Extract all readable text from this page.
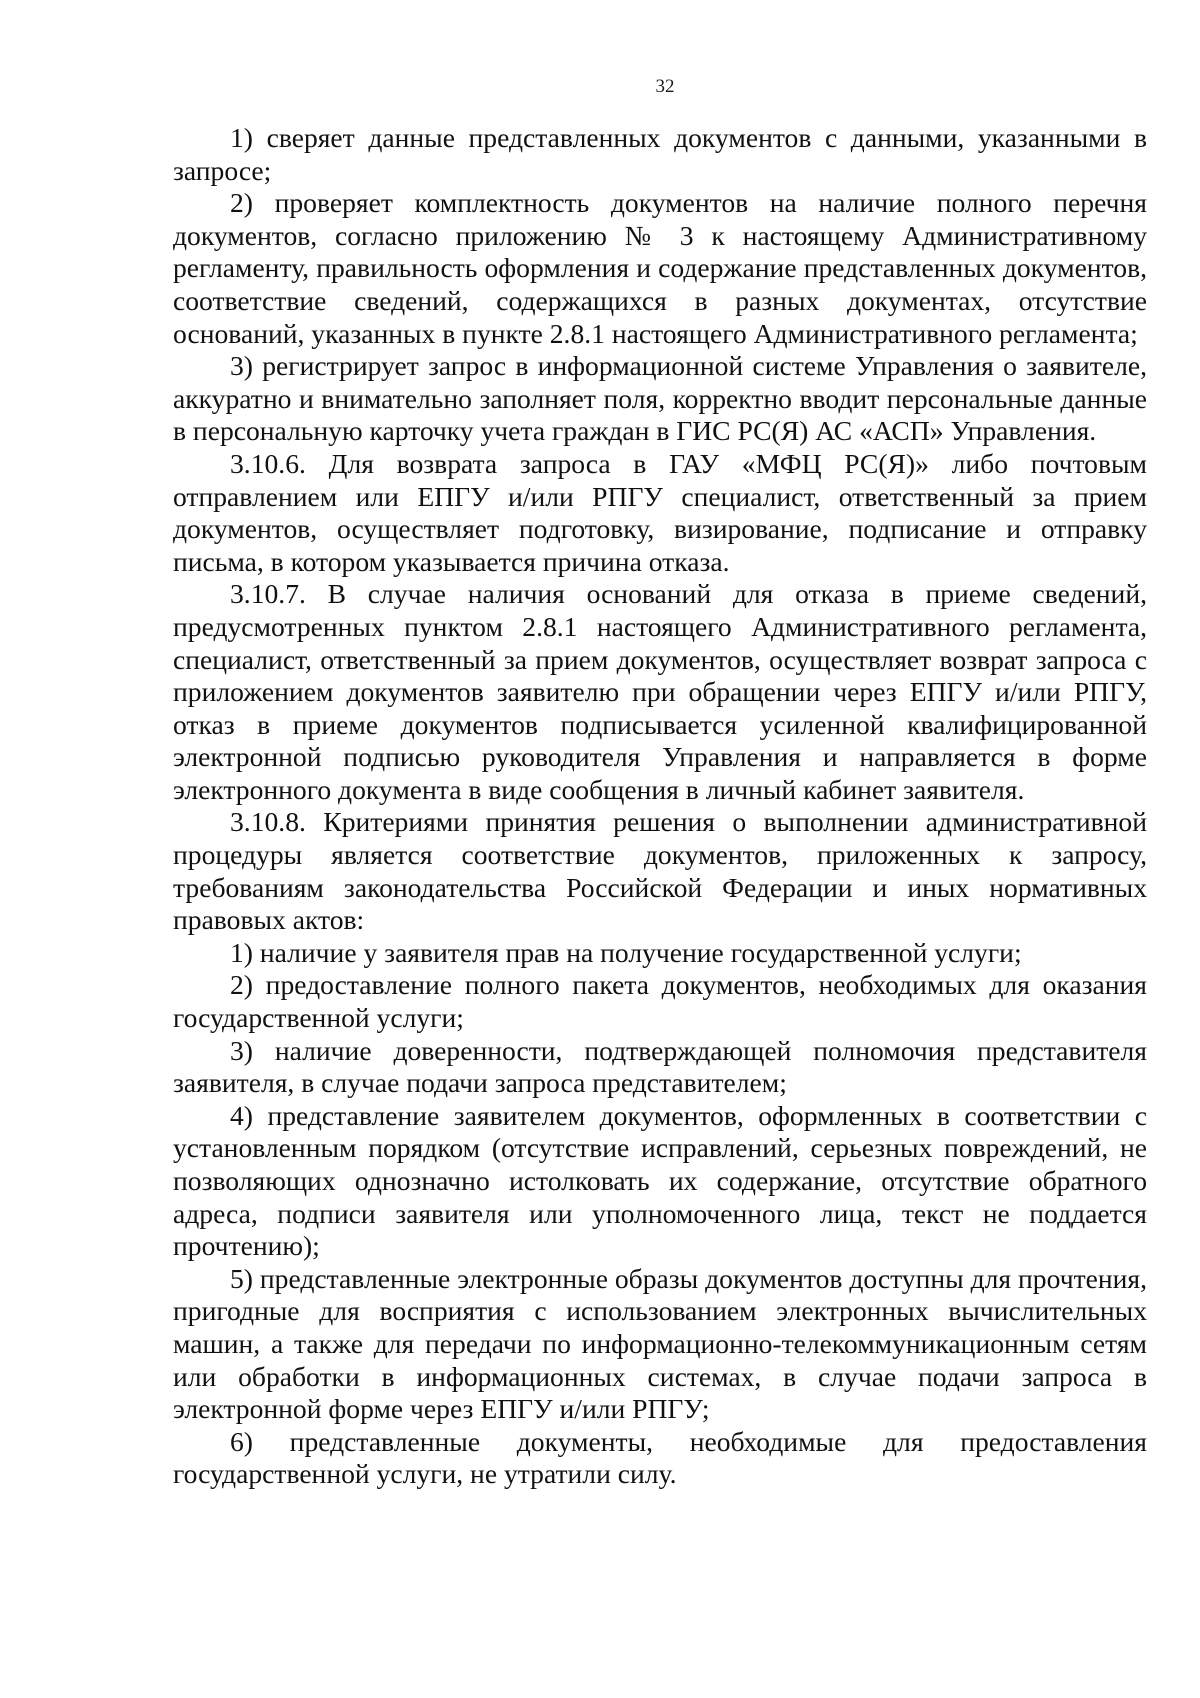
32

1) сверяет данные представленных документов с данными, указанными в запросе;

2) проверяет комплектность документов на наличие полного перечня документов, согласно приложению № 3 к настоящему Административному регламенту, правильность оформления и содержание представленных документов, соответствие сведений, содержащихся в разных документах, отсутствие оснований, указанных в пункте 2.8.1 настоящего Административного регламента;

3) регистрирует запрос в информационной системе Управления о заявителе, аккуратно и внимательно заполняет поля, корректно вводит персональные данные в персональную карточку учета граждан в ГИС РС(Я) АС «АСП» Управления.

3.10.6. Для возврата запроса в ГАУ «МФЦ РС(Я)» либо почтовым отправлением или ЕПГУ и/или РПГУ специалист, ответственный за прием документов, осуществляет подготовку, визирование, подписание и отправку письма, в котором указывается причина отказа.

3.10.7. В случае наличия оснований для отказа в приеме сведений, предусмотренных пунктом 2.8.1 настоящего Административного регламента, специалист, ответственный за прием документов, осуществляет возврат запроса с приложением документов заявителю при обращении через ЕПГУ и/или РПГУ, отказ в приеме документов подписывается усиленной квалифицированной электронной подписью руководителя Управления и направляется в форме электронного документа в виде сообщения в личный кабинет заявителя.

3.10.8. Критериями принятия решения о выполнении административной процедуры является соответствие документов, приложенных к запросу, требованиям законодательства Российской Федерации и иных нормативных правовых актов:

1) наличие у заявителя прав на получение государственной услуги;

2) предоставление полного пакета документов, необходимых для оказания государственной услуги;

3) наличие доверенности, подтверждающей полномочия представителя заявителя, в случае подачи запроса представителем;

4) представление заявителем документов, оформленных в соответствии с установленным порядком (отсутствие исправлений, серьезных повреждений, не позволяющих однозначно истолковать их содержание, отсутствие обратного адреса, подписи заявителя или уполномоченного лица, текст не поддается прочтению);

5) представленные электронные образы документов доступны для прочтения, пригодные для восприятия с использованием электронных вычислительных машин, а также для передачи по информационно-телекоммуникационным сетям или обработки в информационных системах, в случае подачи запроса в электронной форме через ЕПГУ и/или РПГУ;

6) представленные документы, необходимые для предоставления государственной услуги, не утратили силу.
